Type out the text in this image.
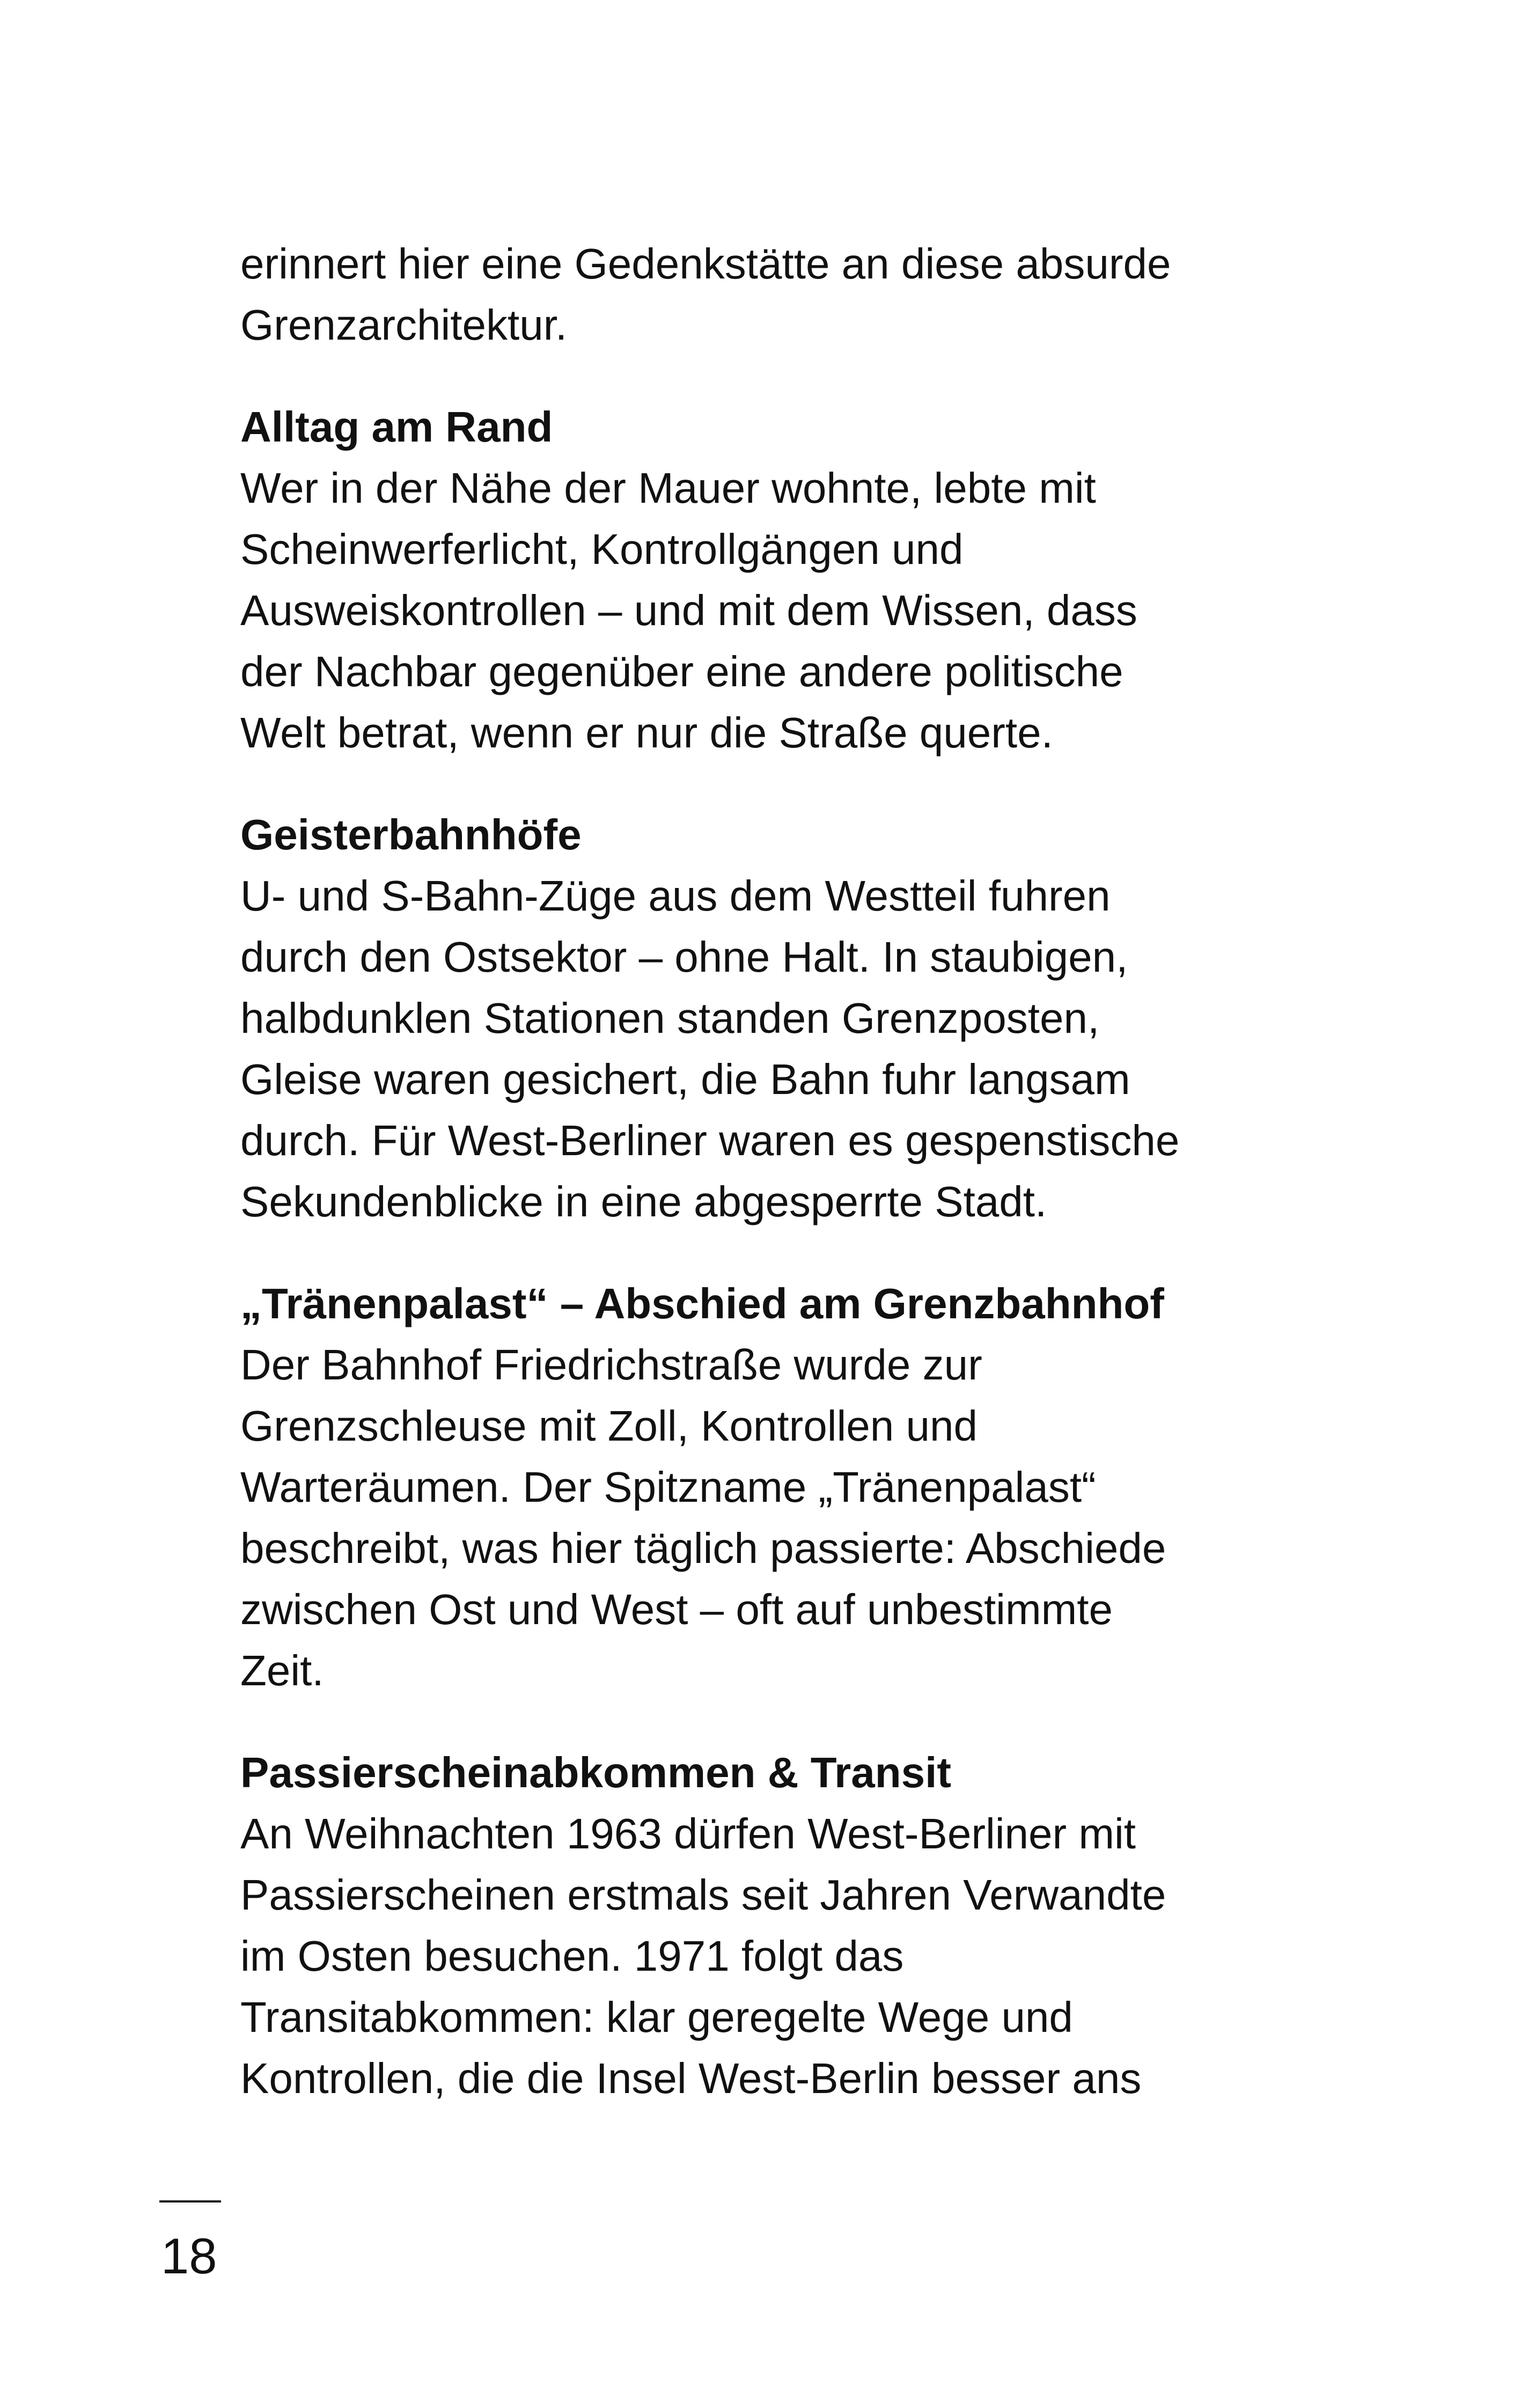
erinnert hier eine Gedenkstätte an diese absurde
Grenzarchitektur.

Alltag am Rand

Wer in der Nähe der Mauer wohnte, lebte mit
Scheinwerferlicht, Kontrollgängen und
Ausweiskontrollen – und mit dem Wissen, dass
der Nachbar gegenüber eine andere politische
Welt betrat, wenn er nur die Straße querte.

Geisterbahnhöfe

U- und S-Bahn-Züge aus dem Westteil fuhren
durch den Ostsektor – ohne Halt. In staubigen,
halbdunklen Stationen standen Grenzposten,
Gleise waren gesichert, die Bahn fuhr langsam
durch. Für West-Berliner waren es gespenstische
Sekundenblicke in eine abgesperrte Stadt.

„Tränenpalast“ – Abschied am Grenzbahnhof

Der Bahnhof Friedrichstraße wurde zur
Grenzschleuse mit Zoll, Kontrollen und
Warteräumen. Der Spitzname „Tränenpalast“
beschreibt, was hier täglich passierte: Abschiede
zwischen Ost und West – oft auf unbestimmte
Zeit.

Passierscheinabkommen & Transit

An Weihnachten 1963 dürfen West-Berliner mit
Passierscheinen erstmals seit Jahren Verwandte
im Osten besuchen. 1971 folgt das
Transitabkommen: klar geregelte Wege und
Kontrollen, die die Insel West-Berlin besser ans

18
